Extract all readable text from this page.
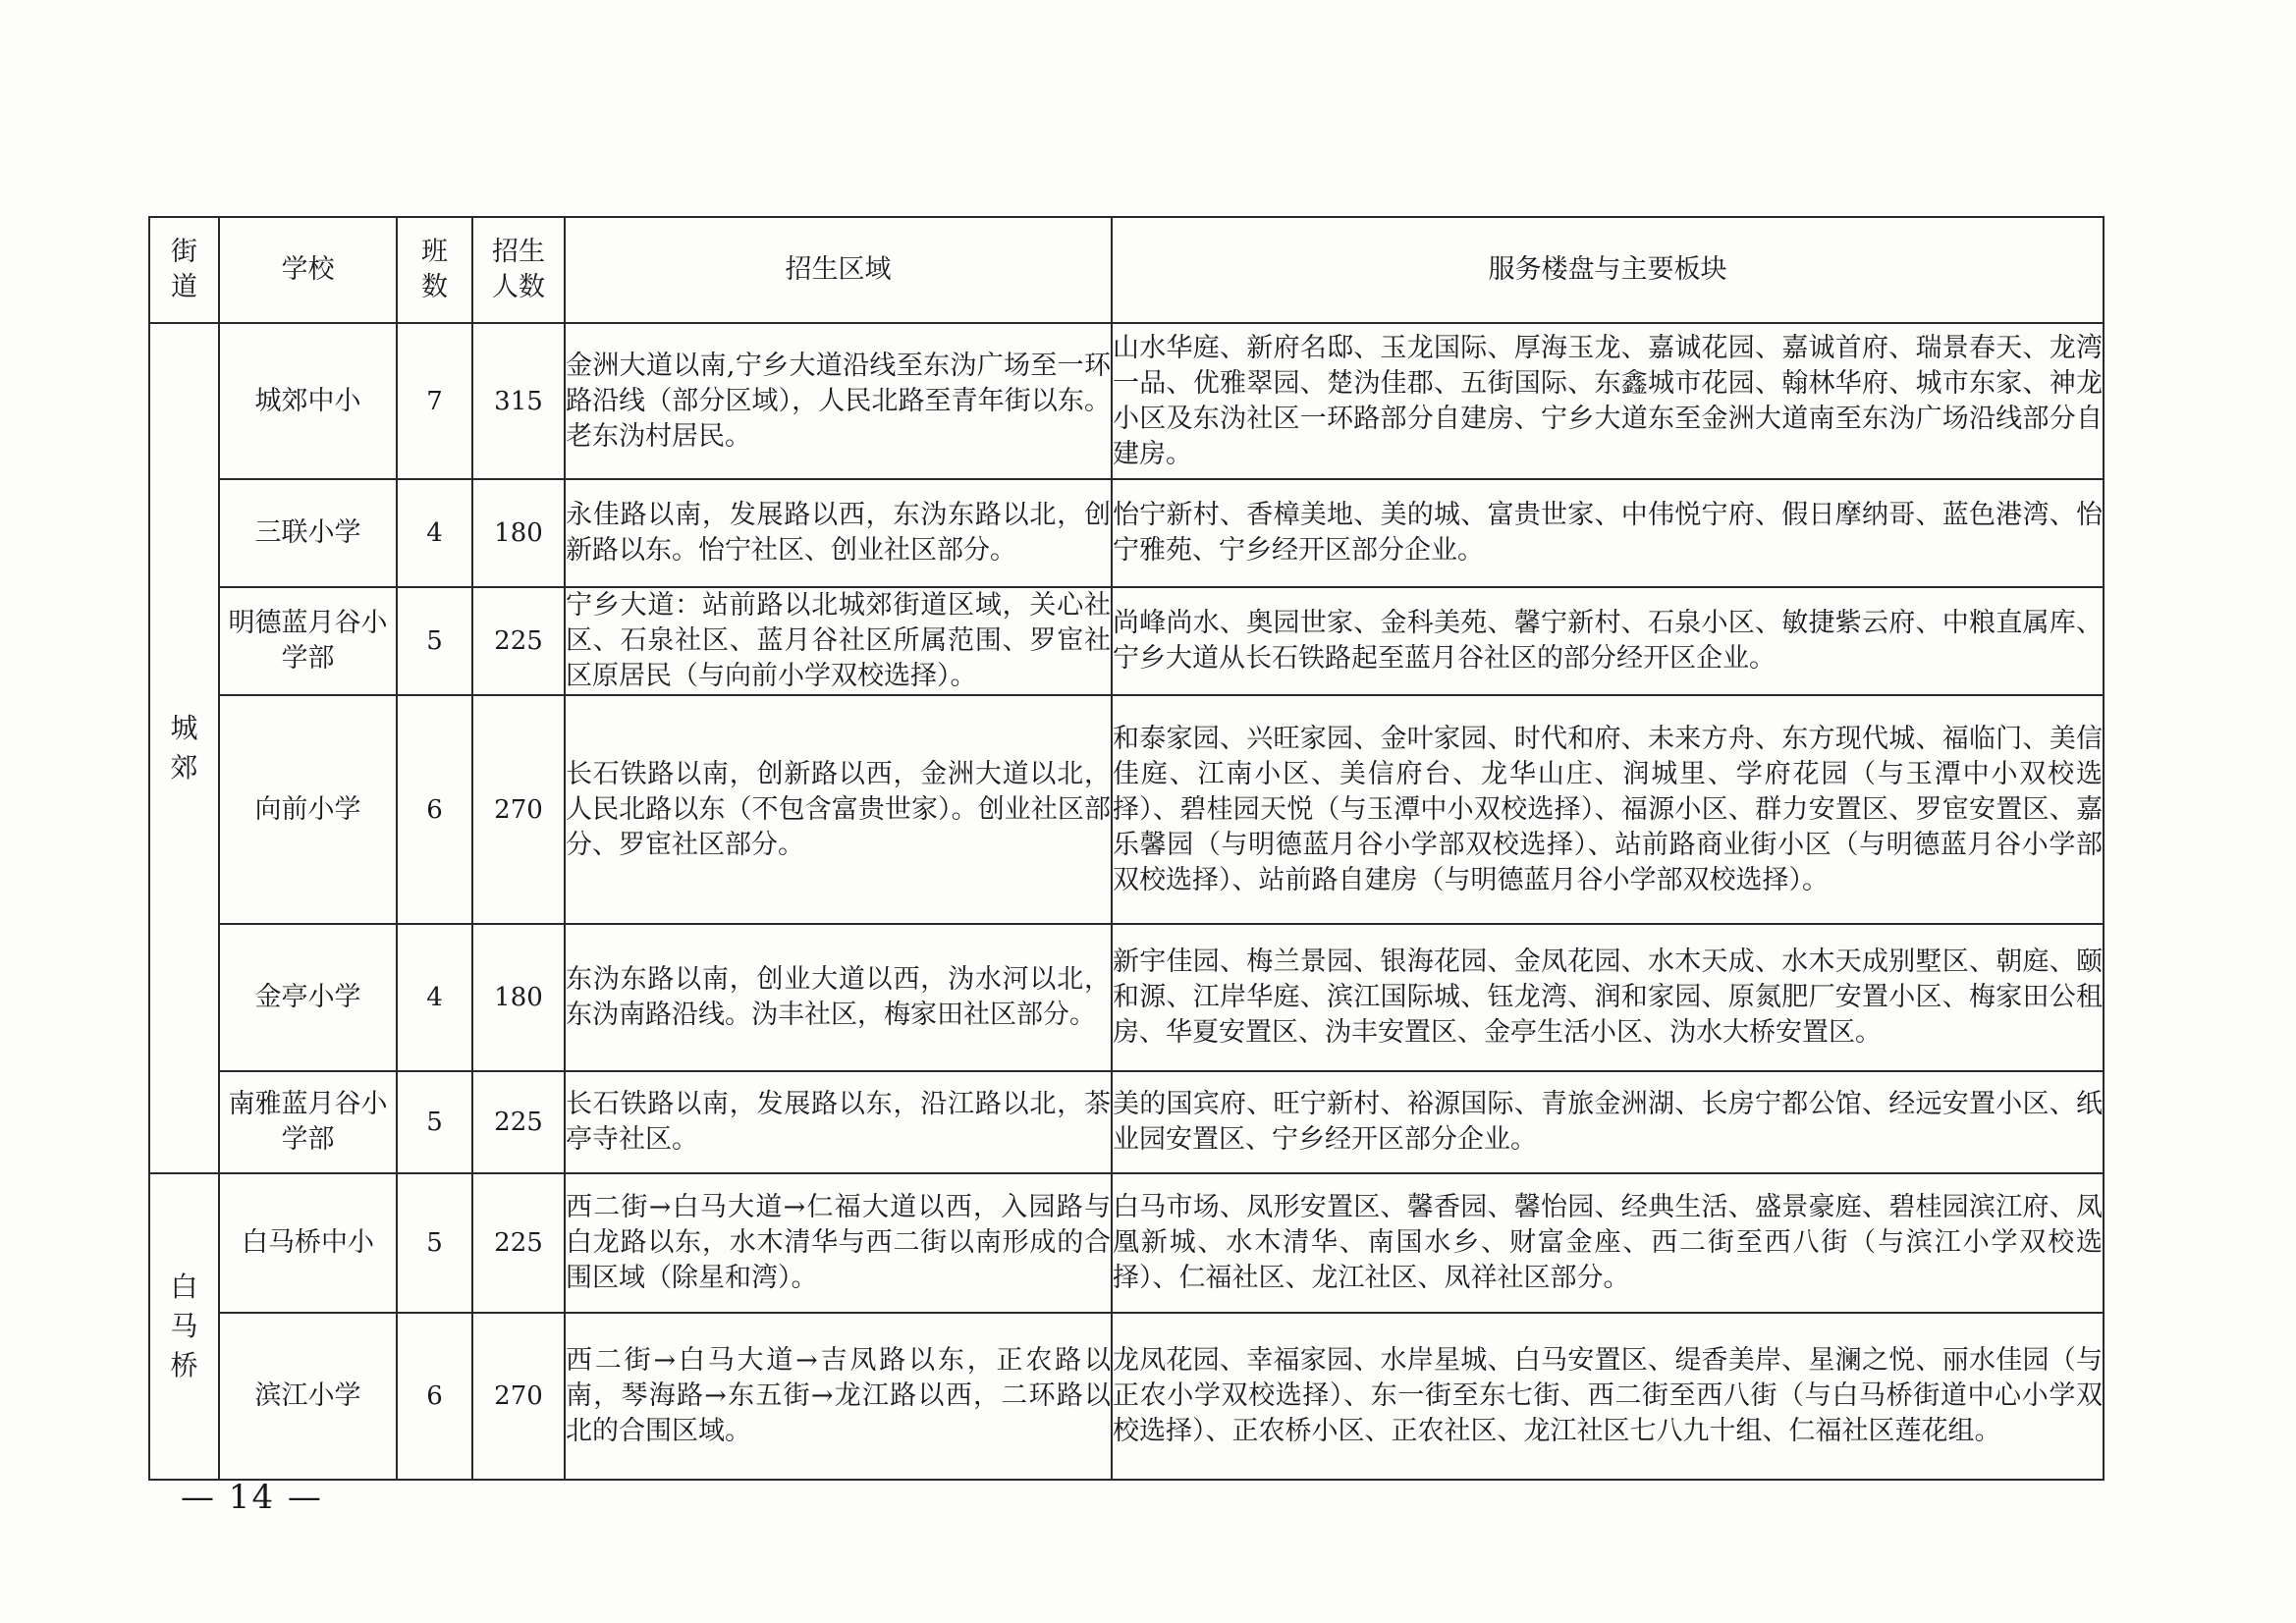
街道	学校	班数	招生人数	招生区域	服务楼盘与主要板块
城郊	城郊中小	7	315	金洲大道以南,宁乡大道沿线至东沩广场至一环路沿线（部分区域），人民北路至青年街以东。老东沩村居民。	山水华庭、新府名邸、玉龙国际、厚海玉龙、嘉诚花园、嘉诚首府、瑞景春天、龙湾一品、优雅翠园、楚沩佳郡、五街国际、东鑫城市花园、翰林华府、城市东家、神龙小区及东沩社区一环路部分自建房、宁乡大道东至金洲大道南至东沩广场沿线部分自建房。
	三联小学	4	180	永佳路以南，发展路以西，东沩东路以北，创新路以东。怡宁社区、创业社区部分。	怡宁新村、香樟美地、美的城、富贵世家、中伟悦宁府、假日摩纳哥、蓝色港湾、怡宁雅苑、宁乡经开区部分企业。
	明德蓝月谷小学部	5	225	宁乡大道：站前路以北城郊街道区域，关心社区、石泉社区、蓝月谷社区所属范围、罗宦社区原居民（与向前小学双校选择）。	尚峰尚水、奥园世家、金科美苑、馨宁新村、石泉小区、敏捷紫云府、中粮直属库、宁乡大道从长石铁路起至蓝月谷社区的部分经开区企业。
	向前小学	6	270	长石铁路以南，创新路以西，金洲大道以北，人民北路以东（不包含富贵世家）。创业社区部分、罗宦社区部分。	和泰家园、兴旺家园、金叶家园、时代和府、未来方舟、东方现代城、福临门、美信佳庭、江南小区、美信府台、龙华山庄、润城里、学府花园（与玉潭中小双校选择）、碧桂园天悦（与玉潭中小双校选择）、福源小区、群力安置区、罗宦安置区、嘉乐馨园（与明德蓝月谷小学部双校选择）、站前路商业街小区（与明德蓝月谷小学部双校选择）、站前路自建房（与明德蓝月谷小学部双校选择）。
	金亭小学	4	180	东沩东路以南，创业大道以西，沩水河以北，东沩南路沿线。沩丰社区，梅家田社区部分。	新宇佳园、梅兰景园、银海花园、金凤花园、水木天成、水木天成别墅区、朝庭、颐和源、江岸华庭、滨江国际城、钰龙湾、润和家园、原氮肥厂安置小区、梅家田公租房、华夏安置区、沩丰安置区、金亭生活小区、沩水大桥安置区。
	南雅蓝月谷小学部	5	225	长石铁路以南，发展路以东，沿江路以北，茶亭寺社区。	美的国宾府、旺宁新村、裕源国际、青旅金洲湖、长房宁都公馆、经远安置小区、纸业园安置区、宁乡经开区部分企业。
白马桥	白马桥中小	5	225	西二街→白马大道→仁福大道以西，入园路与白龙路以东，水木清华与西二街以南形成的合围区域（除星和湾）。	白马市场、凤形安置区、馨香园、馨怡园、经典生活、盛景豪庭、碧桂园滨江府、凤凰新城、水木清华、南国水乡、财富金座、西二街至西八街（与滨江小学双校选择）、仁福社区、龙江社区、凤祥社区部分。
	滨江小学	6	270	西二街→白马大道→吉凤路以东，正农路以南，琴海路→东五街→龙江路以西，二环路以北的合围区域。	龙凤花园、幸福家园、水岸星城、白马安置区、缇香美岸、星澜之悦、丽水佳园（与正农小学双校选择）、东一街至东七街、西二街至西八街（与白马桥街道中心小学双校选择）、正农桥小区、正农社区、龙江社区七八九十组、仁福社区莲花组。
— 14 —
